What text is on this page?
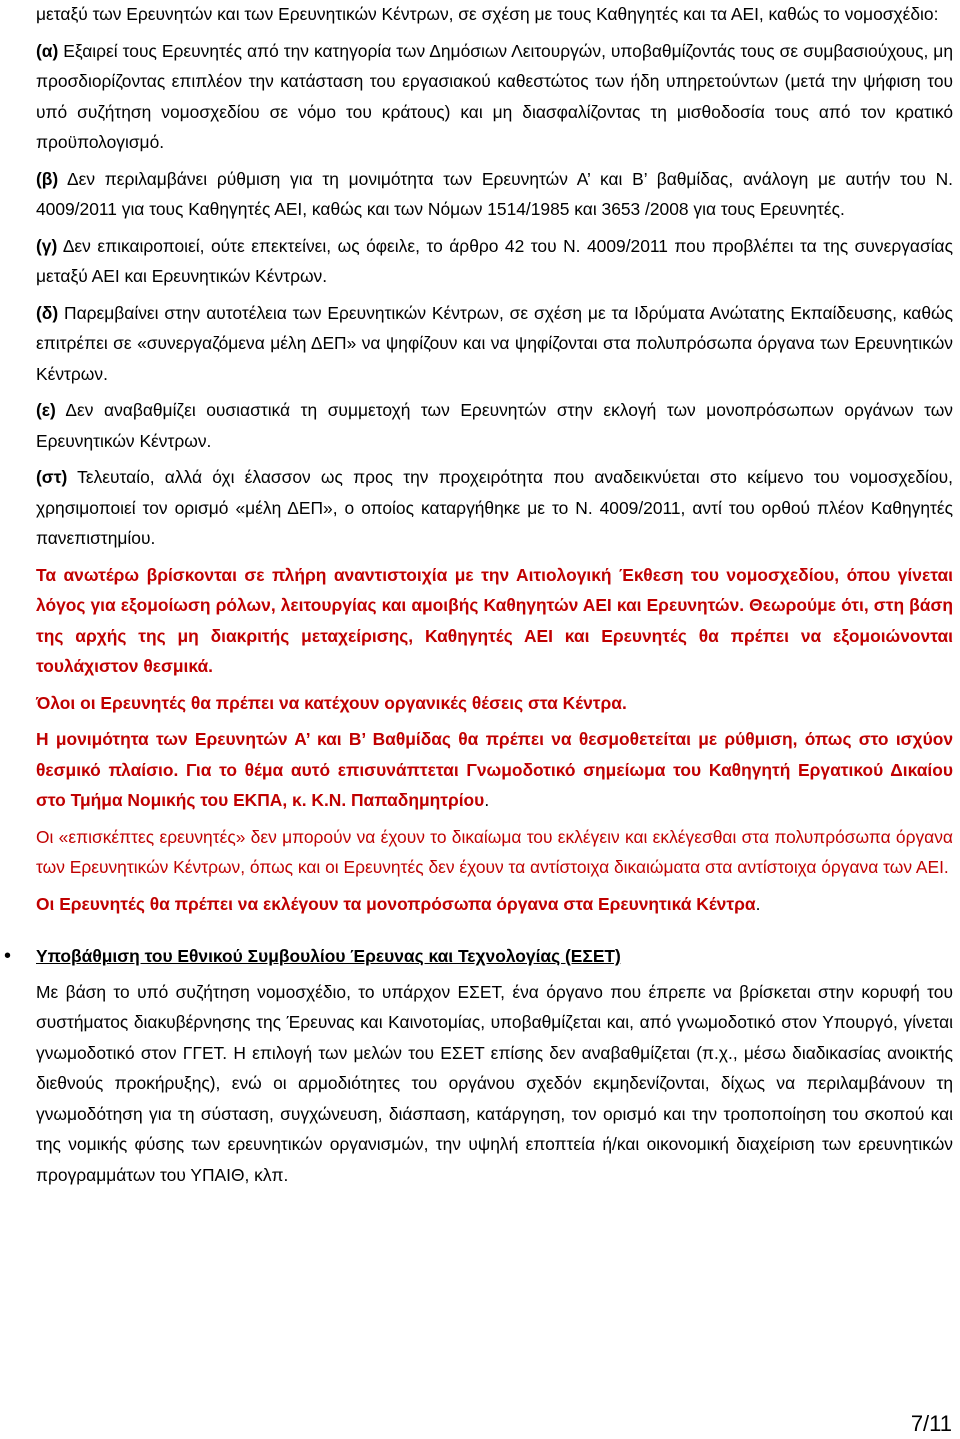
μεταξύ των Ερευνητών και των Ερευνητικών Κέντρων, σε σχέση με τους Καθηγητές και τα ΑΕΙ, καθώς το νομοσχέδιο:

(α) Εξαιρεί τους Ερευνητές από την κατηγορία των Δημόσιων Λειτουργών, υποβαθμίζοντάς τους σε συμβασιούχους, μη προσδιορίζοντας επιπλέον την κατάσταση του εργασιακού καθεστώτος των ήδη υπηρετούντων (μετά την ψήφιση του υπό συζήτηση νομοσχεδίου σε νόμο του κράτους) και μη διασφαλίζοντας τη μισθοδοσία τους από τον κρατικό προϋπολογισμό.

(β) Δεν περιλαμβάνει ρύθμιση για τη μονιμότητα των Ερευνητών Α’ και Β’ βαθμίδας, ανάλογη με αυτήν του Ν. 4009/2011 για τους Καθηγητές ΑΕΙ, καθώς και των Νόμων 1514/1985 και 3653 /2008 για τους Ερευνητές.

(γ) Δεν επικαιροποιεί, ούτε επεκτείνει, ως όφειλε, το άρθρο 42 του Ν. 4009/2011 που προβλέπει τα της συνεργασίας μεταξύ ΑΕΙ και Ερευνητικών Κέντρων.

(δ) Παρεμβαίνει στην αυτοτέλεια των Ερευνητικών Κέντρων, σε σχέση με τα Ιδρύματα Ανώτατης Εκπαίδευσης, καθώς επιτρέπει σε «συνεργαζόμενα μέλη ΔΕΠ» να ψηφίζουν και να ψηφίζονται στα πολυπρόσωπα όργανα των Ερευνητικών Κέντρων.

(ε) Δεν αναβαθμίζει ουσιαστικά τη συμμετοχή των Ερευνητών στην εκλογή των μονοπρόσωπων οργάνων των Ερευνητικών Κέντρων.

(στ) Τελευταίο, αλλά όχι έλασσον ως προς την προχειρότητα που αναδεικνύεται στο κείμενο του νομοσχεδίου, χρησιμοποιεί τον ορισμό «μέλη ΔΕΠ», ο οποίος καταργήθηκε με το Ν. 4009/2011, αντί του ορθού πλέον Καθηγητές πανεπιστημίου.

Τα ανωτέρω βρίσκονται σε πλήρη αναντιστοιχία με την Αιτιολογική Έκθεση του νομοσχεδίου, όπου γίνεται λόγος για εξομοίωση ρόλων, λειτουργίας και αμοιβής Καθηγητών ΑΕΙ και Ερευνητών. Θεωρούμε ότι, στη βάση της αρχής της μη διακριτής μεταχείρισης, Καθηγητές ΑΕΙ και Ερευνητές θα πρέπει να εξομοιώνονται τουλάχιστον θεσμικά.

Όλοι οι Ερευνητές θα πρέπει να κατέχουν οργανικές θέσεις στα Κέντρα.

Η μονιμότητα των Ερευνητών Α’ και Β’ Βαθμίδας θα πρέπει να θεσμοθετείται με ρύθμιση, όπως στο ισχύον θεσμικό πλαίσιο. Για το θέμα αυτό επισυνάπτεται Γνωμοδοτικό σημείωμα του Καθηγητή Εργατικού Δικαίου στο Τμήμα Νομικής του ΕΚΠΑ, κ. Κ.Ν. Παπαδημητρίου.

Οι «επισκέπτες ερευνητές» δεν μπορούν να έχουν το δικαίωμα του εκλέγειν και εκλέγεσθαι στα πολυπρόσωπα όργανα των Ερευνητικών Κέντρων, όπως και οι Ερευνητές δεν έχουν τα αντίστοιχα δικαιώματα στα αντίστοιχα όργανα των ΑΕΙ.

Οι Ερευνητές θα πρέπει να εκλέγουν τα μονοπρόσωπα όργανα στα Ερευνητικά Κέντρα.

• Υποβάθμιση του Εθνικού Συμβουλίου Έρευνας και Τεχνολογίας (ΕΣΕΤ)

Με βάση το υπό συζήτηση νομοσχέδιο, το υπάρχον ΕΣΕΤ, ένα όργανο που έπρεπε να βρίσκεται στην κορυφή του συστήματος διακυβέρνησης της Έρευνας και Καινοτομίας, υποβαθμίζεται και, από γνωμοδοτικό στον Υπουργό, γίνεται γνωμοδοτικό στον ΓΓΕΤ. Η επιλογή των μελών του ΕΣΕΤ επίσης δεν αναβαθμίζεται (π.χ., μέσω διαδικασίας ανοικτής διεθνούς προκήρυξης), ενώ οι αρμοδιότητες του οργάνου σχεδόν εκμηδενίζονται, δίχως να περιλαμβάνουν τη γνωμοδότηση για τη σύσταση, συγχώνευση, διάσπαση, κατάργηση, τον ορισμό και την τροποποίηση του σκοπού και της νομικής φύσης των ερευνητικών οργανισμών, την υψηλή εποπτεία ή/και οικονομική διαχείριση των ερευνητικών προγραμμάτων του ΥΠΑΙΘ, κλπ.

7/11
